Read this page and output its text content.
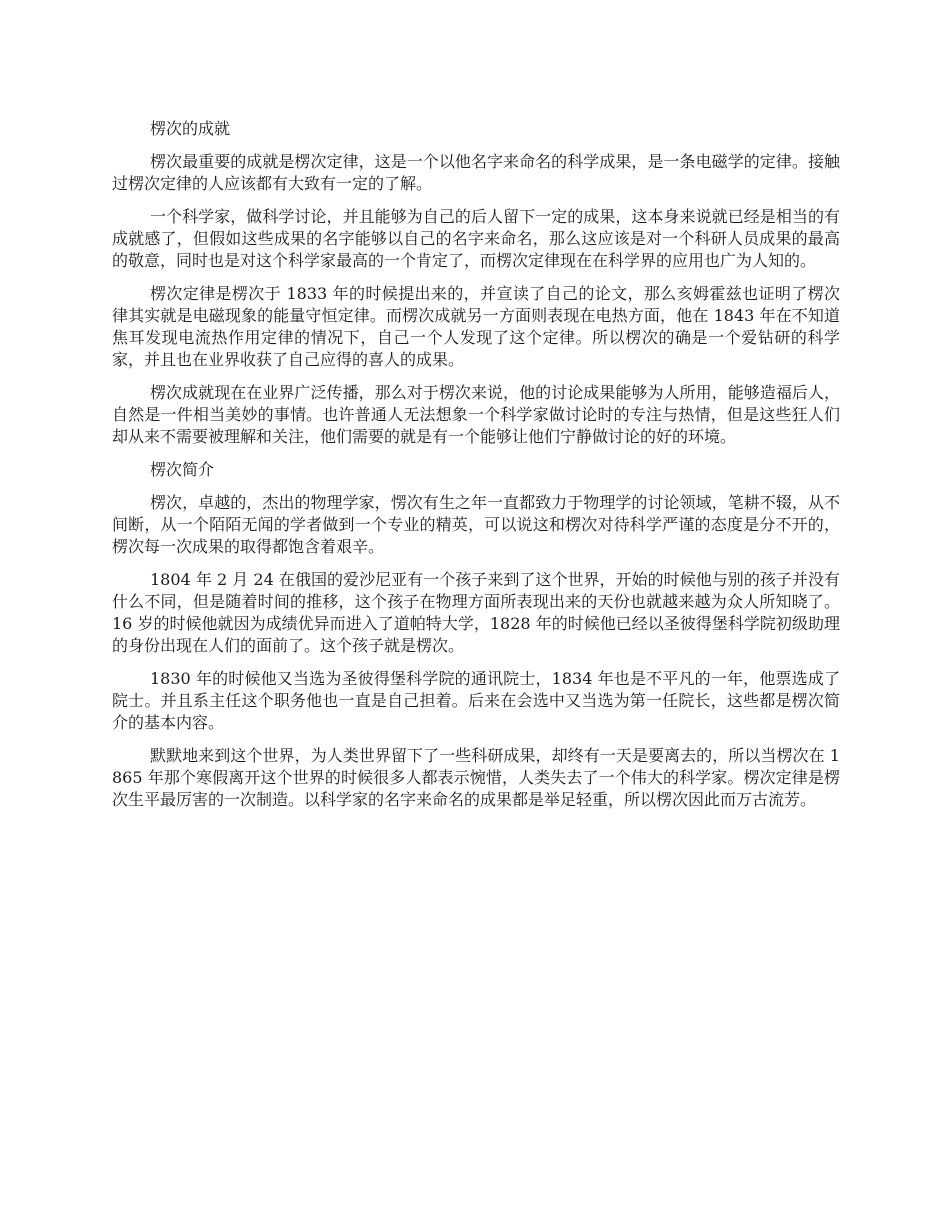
楞次的成就

楞次最重要的成就是楞次定律，这是一个以他名字来命名的科学成果，是一条电磁学的定律。接触过楞次定律的人应该都有大致有一定的了解。

一个科学家，做科学讨论，并且能够为自己的后人留下一定的成果，这本身来说就已经是相当的有成就感了，但假如这些成果的名字能够以自己的名字来命名，那么这应该是对一个科研人员成果的最高的敬意，同时也是对这个科学家最高的一个肯定了，而楞次定律现在在科学界的应用也广为人知的。

楞次定律是楞次于 1833 年的时候提出来的，并宣读了自己的论文，那么亥姆霍兹也证明了楞次律其实就是电磁现象的能量守恒定律。而楞次成就另一方面则表现在电热方面，他在 1843 年在不知道焦耳发现电流热作用定律的情况下，自己一个人发现了这个定律。所以楞次的确是一个爱钻研的科学家，并且也在业界收获了自己应得的喜人的成果。

楞次成就现在在业界广泛传播，那么对于楞次来说，他的讨论成果能够为人所用，能够造福后人，自然是一件相当美妙的事情。也许普通人无法想象一个科学家做讨论时的专注与热情，但是这些狂人们却从来不需要被理解和关注，他们需要的就是有一个能够让他们宁静做讨论的好的环境。

楞次简介

楞次，卓越的，杰出的物理学家，愣次有生之年一直都致力于物理学的讨论领域，笔耕不辍，从不间断，从一个陌陌无闻的学者做到一个专业的精英，可以说这和楞次对待科学严谨的态度是分不开的，楞次每一次成果的取得都饱含着艰辛。

1804 年 2 月 24 在俄国的爱沙尼亚有一个孩子来到了这个世界，开始的时候他与别的孩子并没有什么不同，但是随着时间的推移，这个孩子在物理方面所表现出来的天份也就越来越为众人所知晓了。16 岁的时候他就因为成绩优异而进入了道帕特大学，1828 年的时候他已经以圣彼得堡科学院初级助理的身份出现在人们的面前了。这个孩子就是楞次。

1830 年的时候他又当选为圣彼得堡科学院的通讯院士，1834 年也是不平凡的一年，他票选成了院士。并且系主任这个职务他也一直是自己担着。后来在会选中又当选为第一任院长，这些都是楞次简介的基本内容。

默默地来到这个世界，为人类世界留下了一些科研成果，却终有一天是要离去的，所以当楞次在 1865 年那个寒假离开这个世界的时候很多人都表示惋惜，人类失去了一个伟大的科学家。楞次定律是楞次生平最厉害的一次制造。以科学家的名字来命名的成果都是举足轻重，所以楞次因此而万古流芳。
